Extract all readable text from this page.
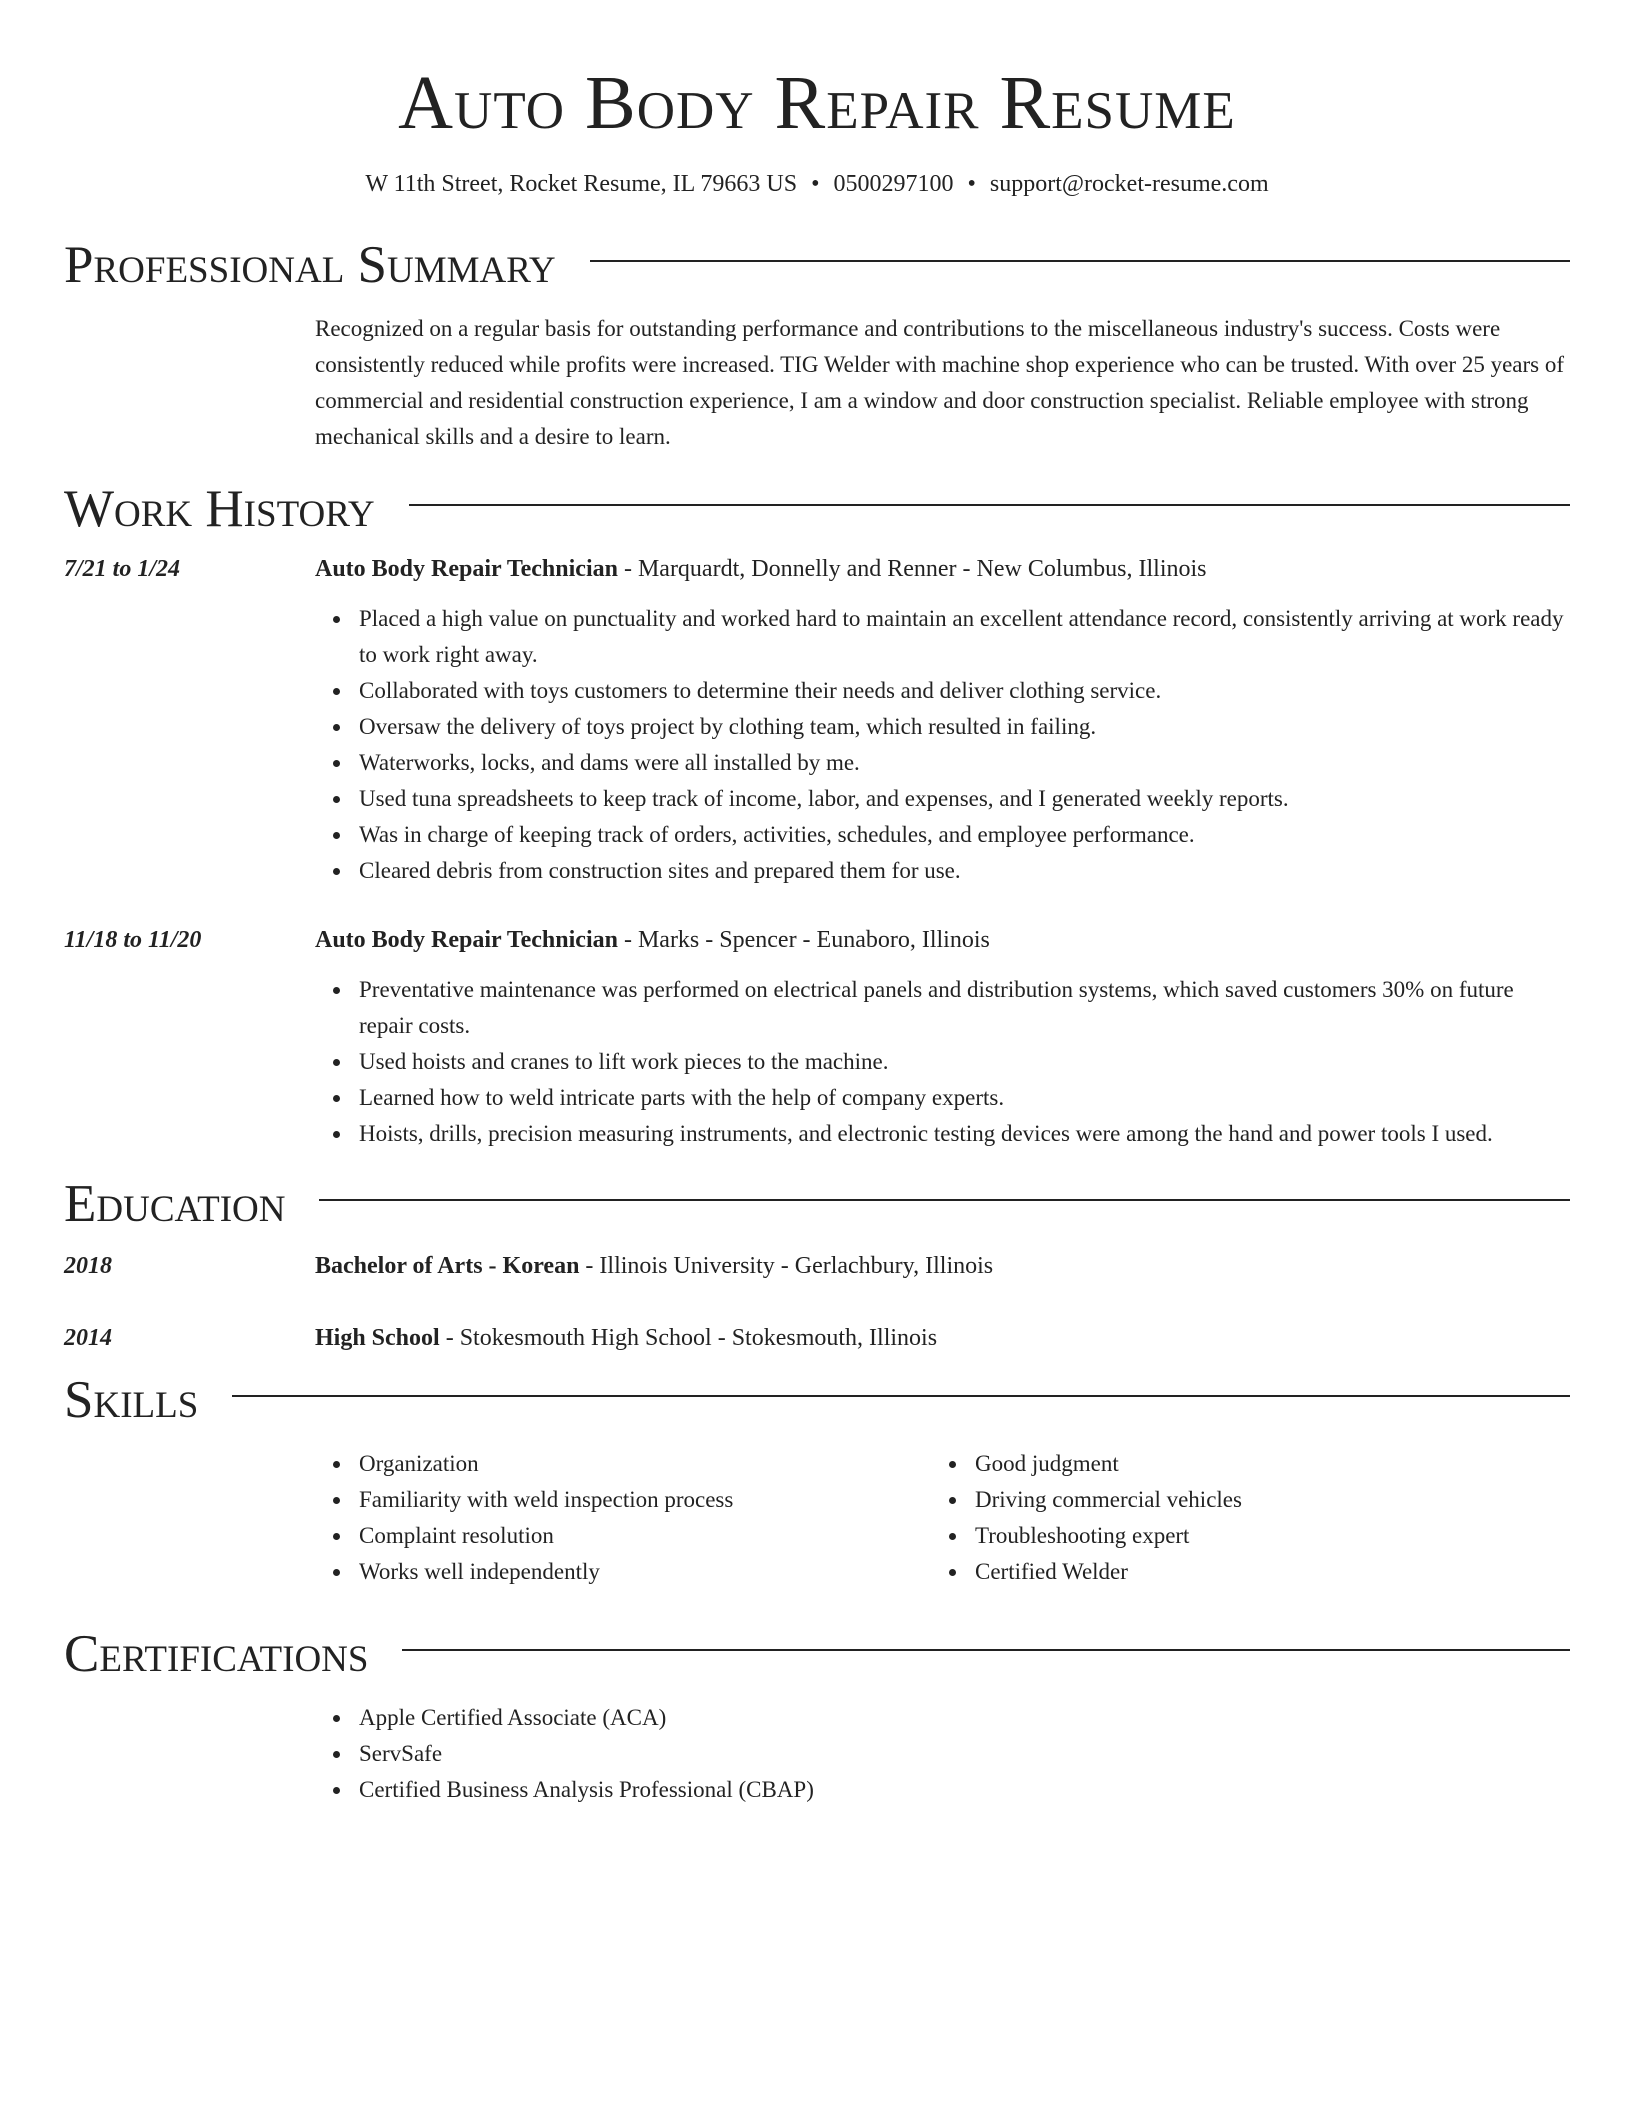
Auto Body Repair Resume
W 11th Street, Rocket Resume, IL 79663 US • 0500297100 • support@rocket-resume.com
Professional Summary
Recognized on a regular basis for outstanding performance and contributions to the miscellaneous industry's success. Costs were consistently reduced while profits were increased. TIG Welder with machine shop experience who can be trusted. With over 25 years of commercial and residential construction experience, I am a window and door construction specialist. Reliable employee with strong mechanical skills and a desire to learn.
Work History
7/21 to 1/24	Auto Body Repair Technician - Marquardt, Donnelly and Renner - New Columbus, Illinois
Placed a high value on punctuality and worked hard to maintain an excellent attendance record, consistently arriving at work ready to work right away.
Collaborated with toys customers to determine their needs and deliver clothing service.
Oversaw the delivery of toys project by clothing team, which resulted in failing.
Waterworks, locks, and dams were all installed by me.
Used tuna spreadsheets to keep track of income, labor, and expenses, and I generated weekly reports.
Was in charge of keeping track of orders, activities, schedules, and employee performance.
Cleared debris from construction sites and prepared them for use.
11/18 to 11/20	Auto Body Repair Technician - Marks - Spencer - Eunaboro, Illinois
Preventative maintenance was performed on electrical panels and distribution systems, which saved customers 30% on future repair costs.
Used hoists and cranes to lift work pieces to the machine.
Learned how to weld intricate parts with the help of company experts.
Hoists, drills, precision measuring instruments, and electronic testing devices were among the hand and power tools I used.
Education
2018	Bachelor of Arts - Korean - Illinois University - Gerlachbury, Illinois
2014	High School - Stokesmouth High School - Stokesmouth, Illinois
Skills
Organization
Familiarity with weld inspection process
Complaint resolution
Works well independently
Good judgment
Driving commercial vehicles
Troubleshooting expert
Certified Welder
Certifications
Apple Certified Associate (ACA)
ServSafe
Certified Business Analysis Professional (CBAP)
